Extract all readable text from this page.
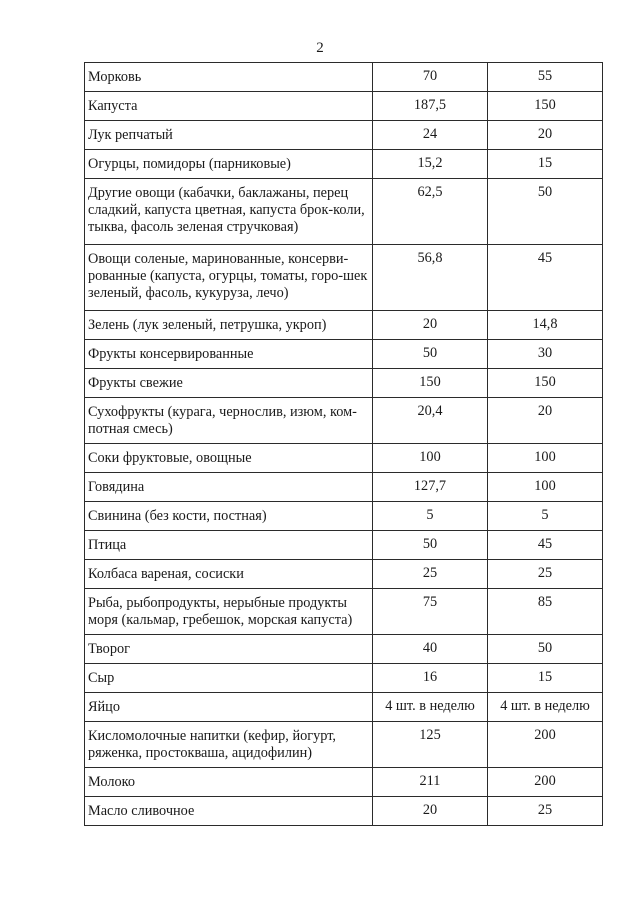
2
Морковь	70	55
Капуста	187,5	150
Лук репчатый	24	20
Огурцы, помидоры (парниковые)	15,2	15
Другие овощи (кабачки, баклажаны, перец сладкий, капуста цветная, капуста брок-коли, тыква, фасоль зеленая стручковая)	62,5	50
Овощи соленые, маринованные, консерви-рованные (капуста, огурцы, томаты, горо-шек зеленый, фасоль, кукуруза, лечо)	56,8	45
Зелень (лук зеленый, петрушка, укроп)	20	14,8
Фрукты консервированные	50	30
Фрукты свежие	150	150
Сухофрукты (курага, чернослив, изюм, ком-потная смесь)	20,4	20
Соки фруктовые, овощные	100	100
Говядина	127,7	100
Свинина (без кости, постная)	5	5
Птица	50	45
Колбаса вареная, сосиски	25	25
Рыба, рыбопродукты, нерыбные продукты моря (кальмар, гребешок, морская капуста)	75	85
Творог	40	50
Сыр	16	15
Яйцо	4 шт. в неделю	4 шт. в неделю
Кисломолочные напитки (кефир, йогурт, ряженка, простокваша, ацидофилин)	125	200
Молоко	211	200
Масло сливочное	20	25
